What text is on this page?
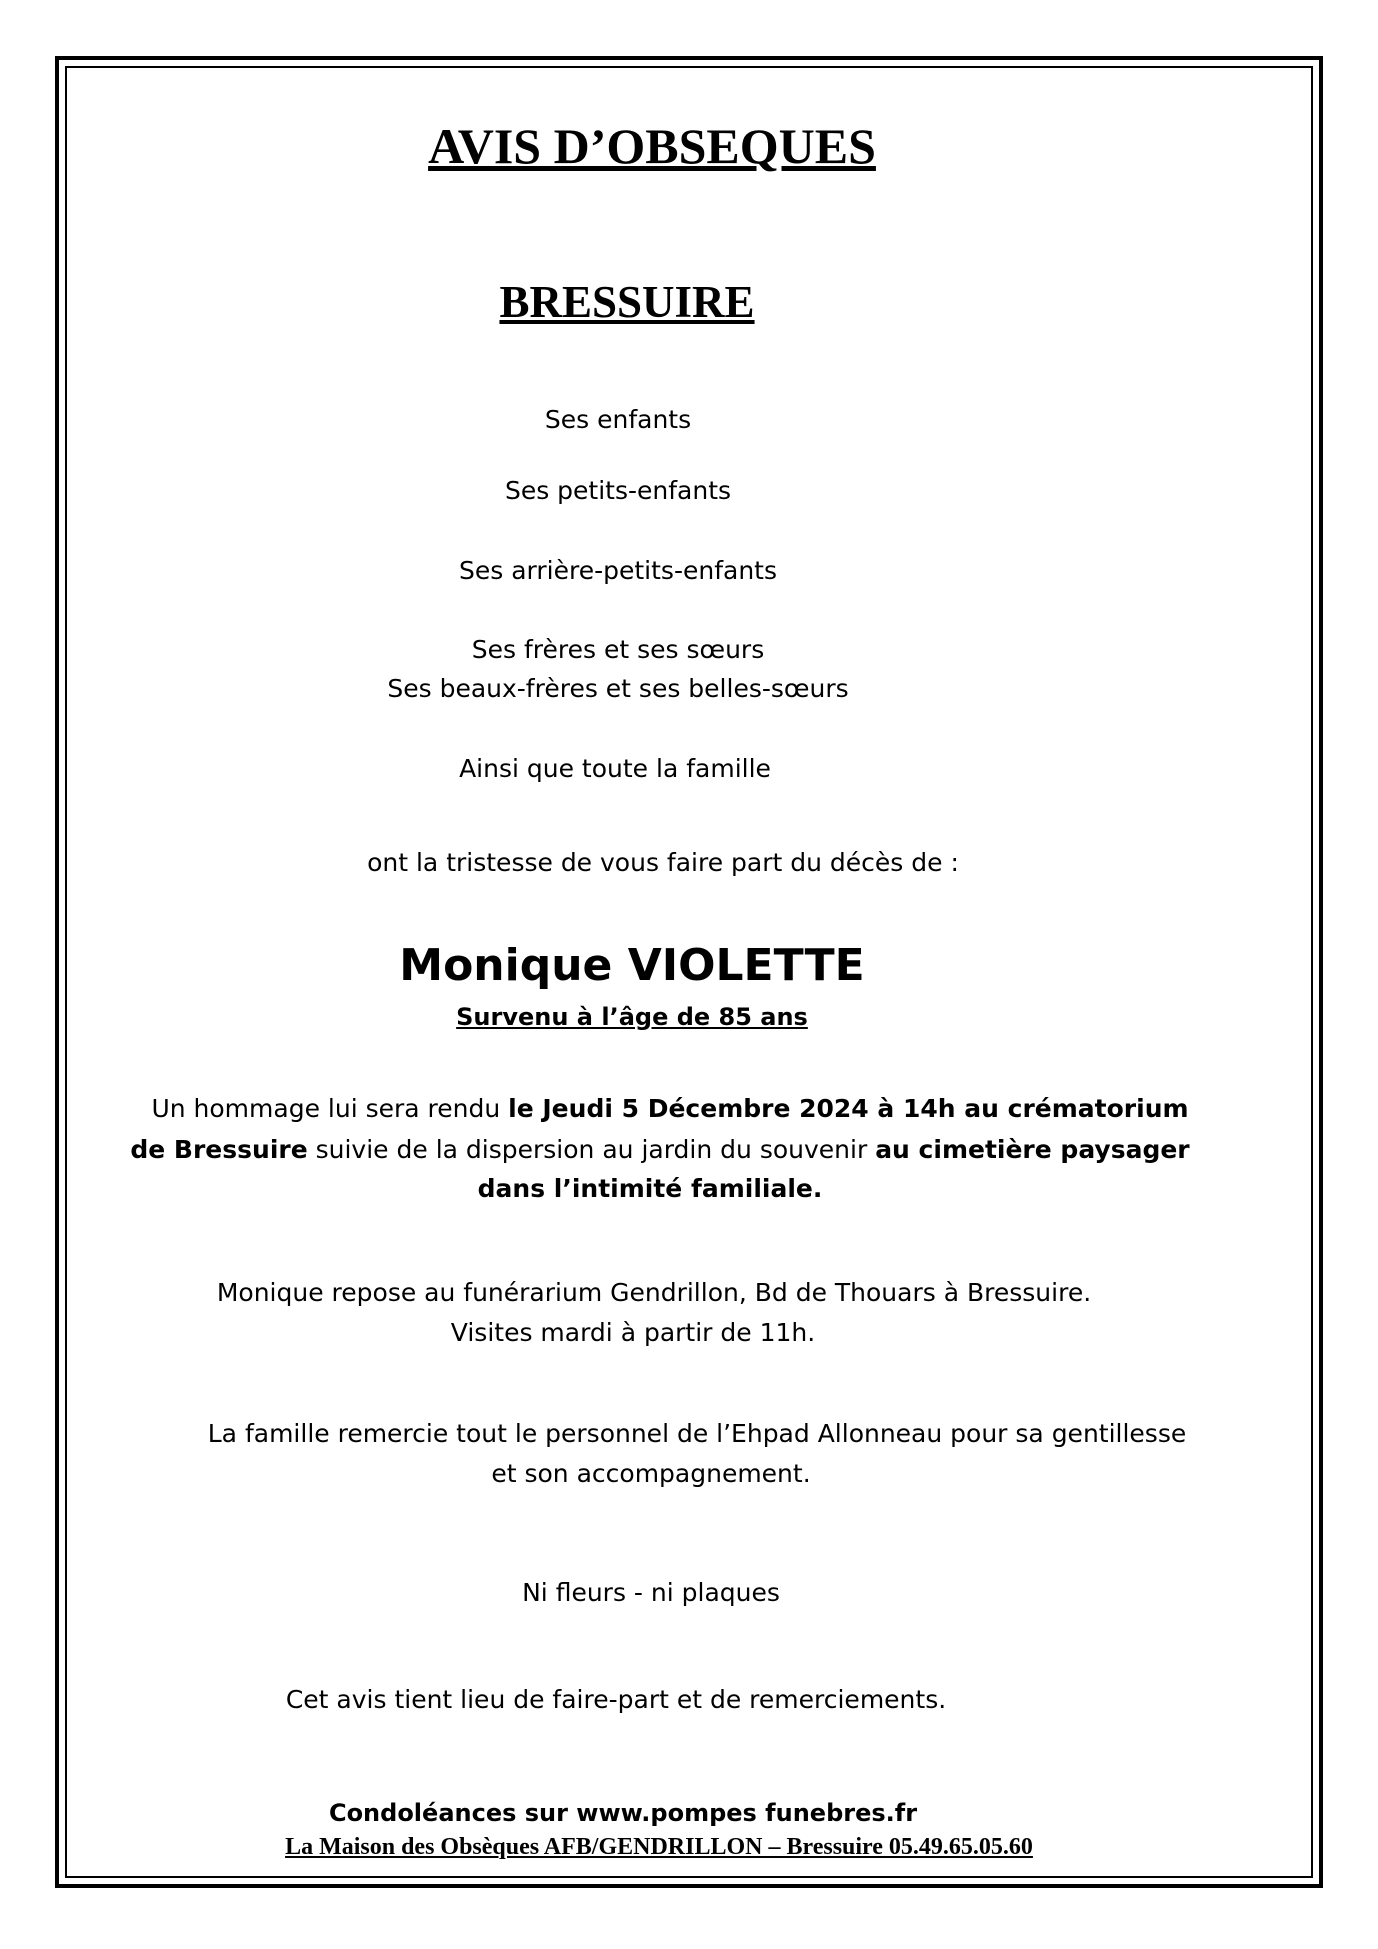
AVIS D’OBSEQUES
BRESSUIRE
Ses enfants
Ses petits-enfants
Ses arrière-petits-enfants
Ses frères et ses sœurs
Ses beaux-frères et ses belles-sœurs
Ainsi que toute la famille
ont la tristesse de vous faire part du décès de :
Monique VIOLETTE
Survenu à l’âge de 85 ans
Un hommage lui sera rendu le Jeudi 5 Décembre 2024 à 14h au crématorium
de Bressuire suivie de la dispersion au jardin du souvenir au cimetière paysager
dans l’intimité familiale.
Monique repose au funérarium Gendrillon, Bd de Thouars à Bressuire.
Visites mardi à partir de 11h.
La famille remercie tout le personnel de l’Ehpad Allonneau pour sa gentillesse
et son accompagnement.
Ni fleurs - ni plaques
Cet avis tient lieu de faire-part et de remerciements.
Condoléances sur www.pompes funebres.fr
La Maison des Obsèques AFB/GENDRILLON – Bressuire 05.49.65.05.60
